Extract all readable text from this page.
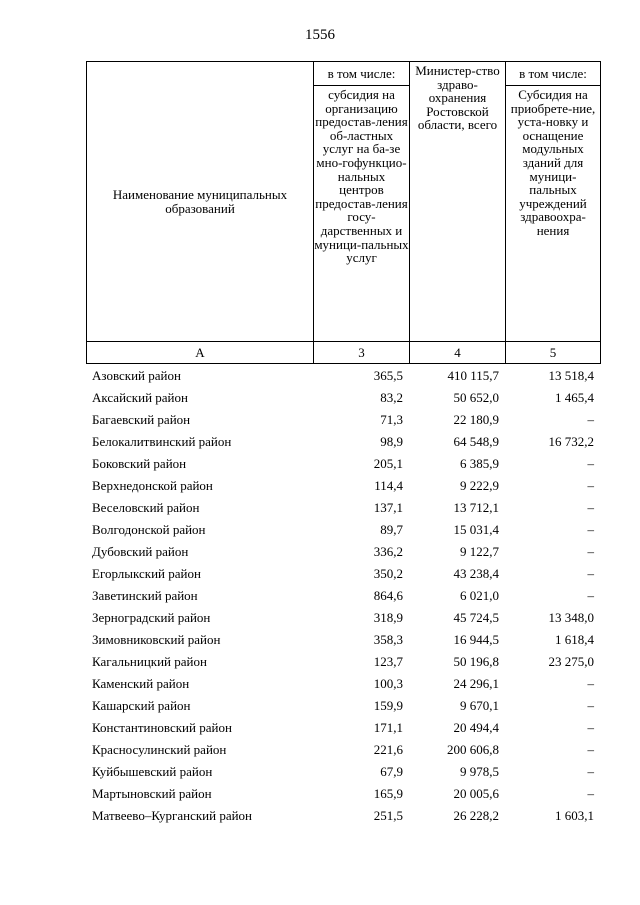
1556
Наименование муниципальных образований	в том числе:	Министер-ство здраво-охранения Ростовской области, всего	в том числе:
	субсидия на организацию предостав-ления об-ластных услуг на ба-зе мно-гофункцио-нальных центров предостав-ления госу-дарственных и муници-пальных услуг		Субсидия на приобрете-ние, уста-новку и оснащение модульных зданий для муници-пальных учреждений здравоохра-нения
А	3	4	5
Азовский район	365,5	410 115,7	13 518,4
Аксайский район	83,2	50 652,0	1 465,4
Багаевский район	71,3	22 180,9	–
Белокалитвинский район	98,9	64 548,9	16 732,2
Боковский район	205,1	6 385,9	–
Верхнедонской район	114,4	9 222,9	–
Веселовский район	137,1	13 712,1	–
Волгодонской район	89,7	15 031,4	–
Дубовский район	336,2	9 122,7	–
Егорлыкский район	350,2	43 238,4	–
Заветинский район	864,6	6 021,0	–
Зерноградский район	318,9	45 724,5	13 348,0
Зимовниковский район	358,3	16 944,5	1 618,4
Кагальницкий район	123,7	50 196,8	23 275,0
Каменский район	100,3	24 296,1	–
Кашарский район	159,9	9 670,1	–
Константиновский район	171,1	20 494,4	–
Красносулинский район	221,6	200 606,8	–
Куйбышевский район	67,9	9 978,5	–
Мартыновский район	165,9	20 005,6	–
Матвеево–Курганский район	251,5	26 228,2	1 603,1
